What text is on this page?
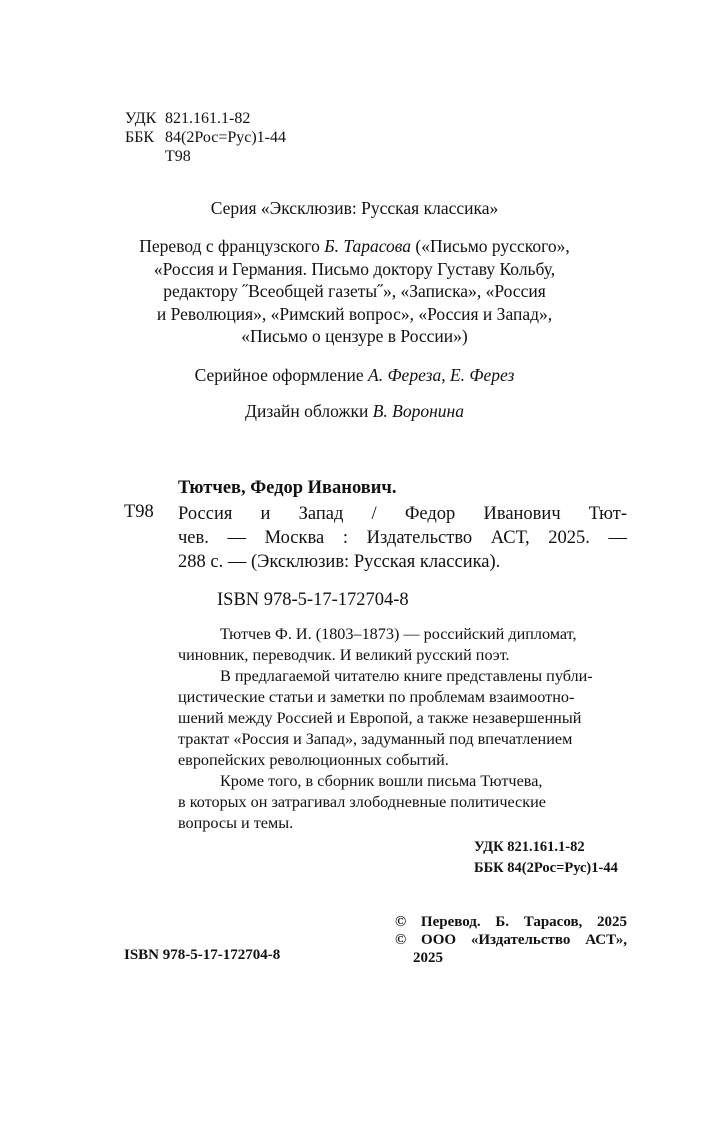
УДК 821.161.1-82
ББК 84(2Рос=Рус)1-44
Т98
Серия «Эксклюзив: Русская классика»
Перевод с французского Б. Тарасова («Письмо русского»,
«Россия и Германия. Письмо доктору Густаву Кольбу,
редактору ˝Всеобщей газеты˝», «Записка», «Россия
и Революция», «Римский вопрос», «Россия и Запад»,
«Письмо о цензуре в России»)
Серийное оформление А. Фереза, Е. Ферез
Дизайн обложки В. Воронина
Тютчев, Федор Иванович.
Т98 Россия и Запад / Федор Иванович Тют-
чев. — Москва : Издательство АСТ, 2025. —
288 с. — (Эксклюзив: Русская классика).
ISBN 978-5-17-172704-8
Тютчев Ф. И. (1803–1873) — российский дипломат,
чиновник, переводчик. И великий русский поэт.
В предлагаемой читателю книге представлены публи-
цистические статьи и заметки по проблемам взаимоотно-
шений между Россией и Европой, а также незавершенный
трактат «Россия и Запад», задуманный под впечатлением
европейских революционных событий.
Кроме того, в сборник вошли письма Тютчева,
в которых он затрагивал злободневные политические
вопросы и темы.
УДК 821.161.1-82
ББК 84(2Рос=Рус)1-44
ISBN 978-5-17-172704-8
© Перевод. Б. Тарасов, 2025
© ООО «Издательство АСТ»,
2025
